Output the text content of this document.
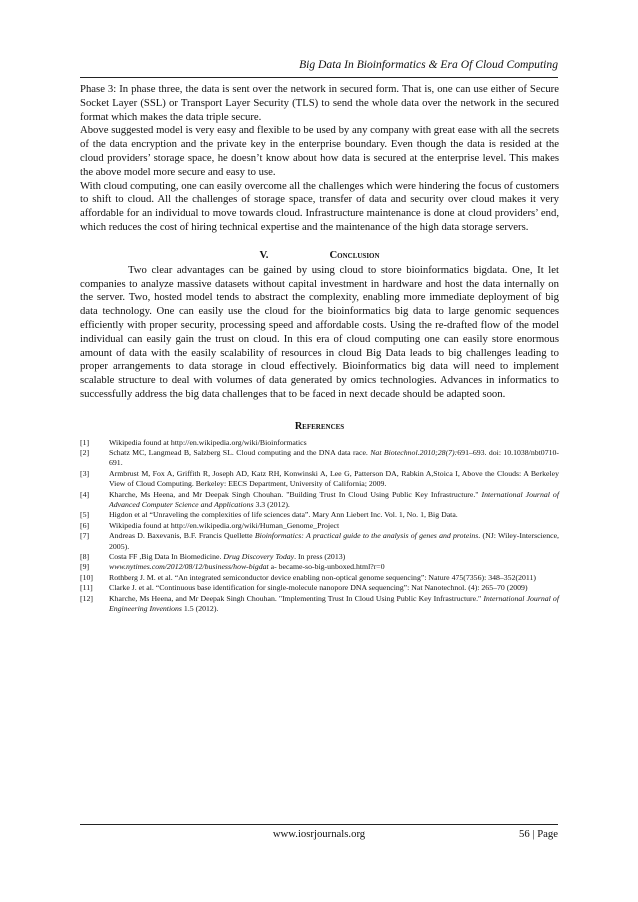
Big Data In Bioinformatics & Era Of Cloud Computing

Phase 3: In phase three, the data is sent over the network in secured form. That is, one can use either of Secure Socket Layer (SSL) or Transport Layer Security (TLS) to send the whole data over the network in the secured format which makes the data triple secure.

Above suggested model is very easy and flexible to be used by any company with great ease with all the secrets of the data encryption and the private key in the enterprise boundary. Even though the data is resided at the cloud providers’ storage space, he doesn’t know about how data is secured at the enterprise level. This makes the above model more secure and easy to use.

With cloud computing, one can easily overcome all the challenges which were hindering the focus of customers to shift to cloud. All the challenges of storage space, transfer of data and security over cloud makes it very affordable for an individual to move towards cloud. Infrastructure maintenance is done at cloud providers’ end, which reduces the cost of hiring technical expertise and the maintenance of the high data storage servers.

V.	Conclusion

Two clear advantages can be gained by using cloud to store bioinformatics bigdata. One, It let companies to analyze massive datasets without capital investment in hardware and host the data internally on the server. Two, hosted model tends to abstract the complexity, enabling more immediate deployment of big data technology. One can easily use the cloud for the bioinformatics big data to large genomic sequences efficiently with proper security, processing speed and affordable costs. Using the re-drafted flow of the model individual can easily gain the trust on cloud. In this era of cloud computing one can easily store enormous amount of data with the easily scalability of resources in cloud Big Data leads to big challenges leading to proper arrangements to data storage in cloud effectively. Bioinformatics big data will need to implement scalable structure to deal with volumes of data generated by omics technologies. Advances in informatics to successfully address the big data challenges that to be faced in next decade should be adapted soon.

References
[1]	Wikipedia found at http://en.wikipedia.org/wiki/Bioinformatics
[2]	Schatz MC, Langmead B, Salzberg SL. Cloud computing and the DNA data race. Nat Biotechnol.2010;28(7):691–693. doi: 10.1038/nbt0710-691.
[3]	Armbrust M, Fox A, Griffith R, Joseph AD, Katz RH, Konwinski A, Lee G, Patterson DA, Rabkin A,Stoica I, Above the Clouds: A Berkeley View of Cloud Computing. Berkeley: EECS Department, University of California; 2009.
[4]	Kharche, Ms Heena, and Mr Deepak Singh Chouhan. "Building Trust In Cloud Using Public Key Infrastructure." International Journal of Advanced Computer Science and Applications 3.3 (2012).
[5]	Higdon et al “Unraveling the complexities of life sciences data”. Mary Ann Liebert Inc. Vol. 1, No. 1, Big Data.
[6]	Wikipedia found at http://en.wikipedia.org/wiki/Human_Genome_Project
[7]	Andreas D. Baxevanis, B.F. Francis Quellette Bioinformatics: A practical guide to the analysis of genes and proteins. (NJ: Wiley-Interscience, 2005).
[8]	Costa FF ,Big Data In Biomedicine. Drug Discovery Today. In press (2013)
[9]	www.nytimes.com/2012/08/12/business/how-bigdat a- became-so-big-unboxed.html?r=0
[10]	Rothberg J. M. et al. “An integrated semiconductor device enabling non-optical genome sequencing”: Nature 475(7356): 348–352(2011)
[11]	Clarke J. et al. “Continuous base identification for single-molecule nanopore DNA sequencing”: Nat Nanotechnol. (4): 265–70 (2009)
[12]	Kharche, Ms Heena, and Mr Deepak Singh Chouhan. "Implementing Trust In Cloud Using Public Key Infrastructure." International Journal of Engineering Inventions 1.5 (2012).
www.iosrjournals.org	56 | Page
